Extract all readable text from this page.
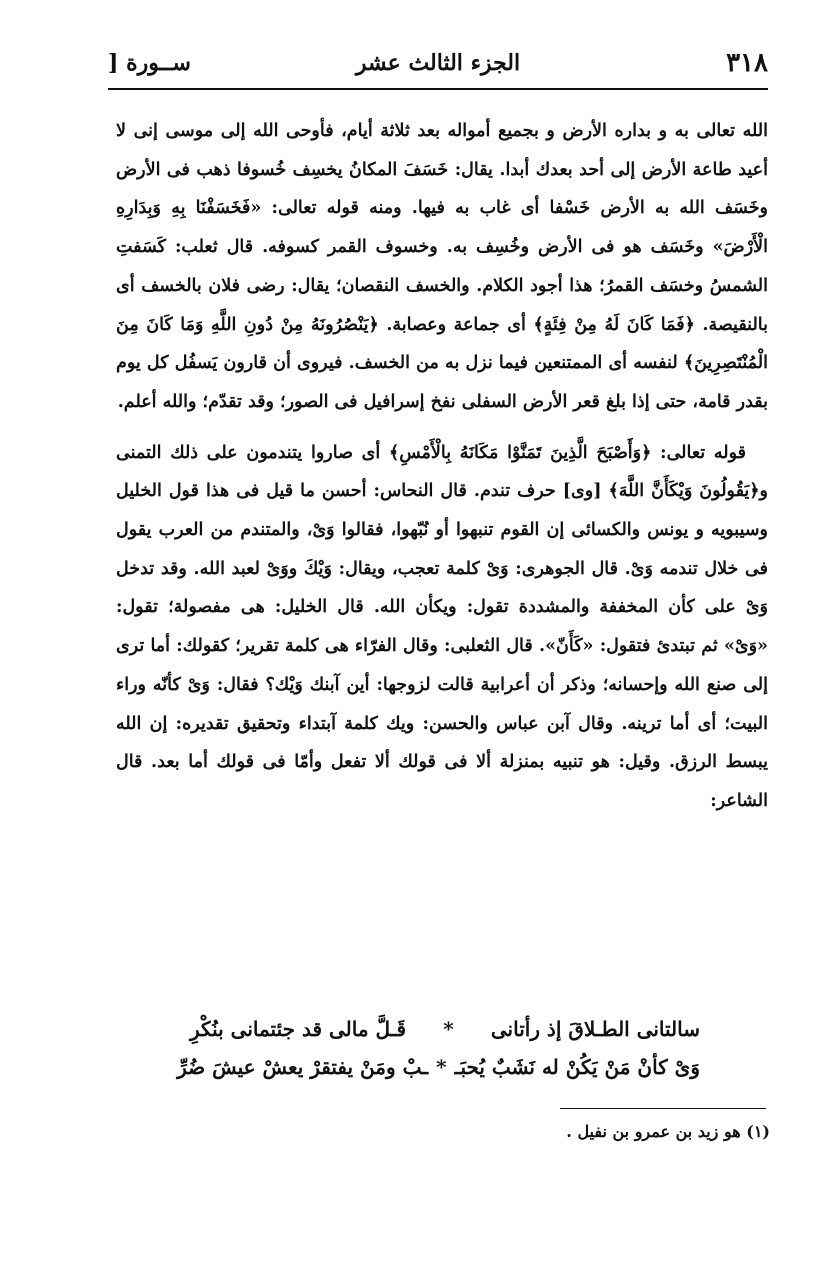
٣١٨
الجزء الثالث عشر
ســورة [

الله تعالى به و بداره الأرض و بجميع أمواله بعد ثلاثة أيام، فأوحى الله إلى موسى إنى لا أعيد طاعة الأرض إلى أحد بعدك أبدا. يقال: خَسَفَ المكانُ يخسِف خُسوفا ذهب فى الأرض وخَسَف الله به الأرض خَسْفا أى غاب به فيها. ومنه قوله تعالى: «فَخَسَفْنَا بِهِ وَبِدَارِهِ الْأَرْضَ» وخَسَف هو فى الأرض وخُسِف به. وخسوف القمر كسوفه. قال ثعلب: كَسَفتِ الشمسُ وخسَف القمرُ؛ هذا أجود الكلام. والخسف النقصان؛ يقال: رضى فلان بالخسف أى بالنقيصة. ﴿فَمَا كَانَ لَهُ مِنْ فِئَةٍ﴾ أى جماعة وعصابة. ﴿يَنْصُرُونَهُ مِنْ دُونِ اللَّهِ وَمَا كَانَ مِنَ الْمُنْتَصِرِينَ﴾ لنفسه أى الممتنعين فيما نزل به من الخسف. فيروى أن قارون يَسفُل كل يوم بقدر قامة، حتى إذا بلغ قعر الأرض السفلى نفخ إسرافيل فى الصور؛ وقد تقدّم؛ والله أعلم.

قوله تعالى: ﴿وَأَصْبَحَ الَّذِينَ تَمَنَّوْا مَكَانَهُ بِالْأَمْسِ﴾ أى صاروا يتندمون على ذلك التمنى و﴿يَقُولُونَ وَيْكَأَنَّ اللَّهَ﴾ [وى] حرف تندم. قال النحاس: أحسن ما قيل فى هذا قول الخليل وسيبويه و يونس والكسائى إن القوم تنبهوا أو نُبّهوا، فقالوا وَىْ، والمتندم من العرب يقول فى خلال تندمه وَىْ. قال الجوهرى: وَىْ كلمة تعجب، ويقال: وَيْكَ ووَىْ لعبد الله. وقد تدخل وَىْ على كأن المخففة والمشددة تقول: ويكأن الله. قال الخليل: هى مفصولة؛ تقول: «وَىْ» ثم تبتدئ فتقول: «كَأَنّ». قال الثعلبى: وقال الفرّاء هى كلمة تقرير؛ كقولك: أما ترى إلى صنع الله وإحسانه؛ وذكر أن أعرابية قالت لزوجها: أين آبنك وَيْك؟ فقال: وَىْ كأنّه وراء البيت؛ أى أما ترينه. وقال آبن عباس والحسن: ويك كلمة آبتداء وتحقيق تقديره: إن الله يبسط الرزق. وقيل: هو تنبيه بمنزلة ألا فى قولك ألا تفعل وأمّا فى قولك أما بعد. قال الشاعر:

سالتانى الطـلاقَ إذ رأتانى
*
قَـلَّ مالى قد جئتمانى بنُكْرِ
وَىْ كأنْ مَنْ يَكُنْ له نَشَبٌ يُحبَـ
*
ـبْ ومَنْ يفتقرْ يعشْ عيشَ ضُرِّ
(١) هو زيد بن عمرو بن نفيل .
